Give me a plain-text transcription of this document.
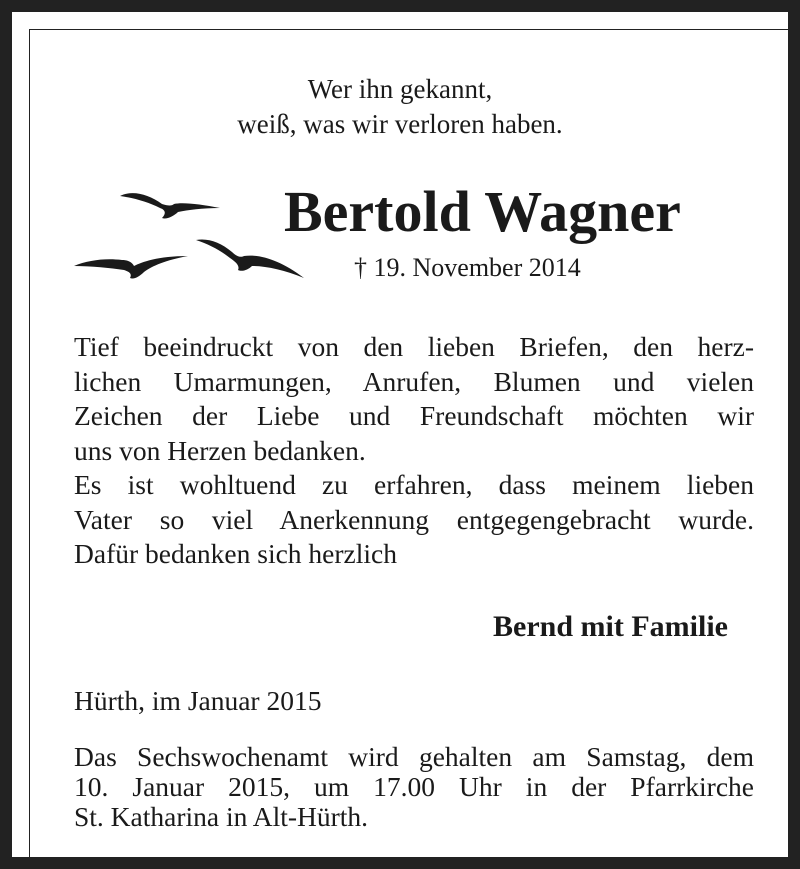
Wer ihn gekannt,
weiß, was wir verloren haben.
Bertold Wagner
† 19. November 2014
Tief beeindruckt von den lieben Briefen, den herz-
lichen Umarmungen, Anrufen, Blumen und vielen
Zeichen der Liebe und Freundschaft möchten wir
uns von Herzen bedanken.
Es ist wohltuend zu erfahren, dass meinem lieben
Vater so viel Anerkennung entgegengebracht wurde.
Dafür bedanken sich herzlich
Bernd mit Familie
Hürth, im Januar 2015
Das Sechswochenamt wird gehalten am Samstag, dem
10. Januar 2015, um 17.00 Uhr in der Pfarrkirche
St. Katharina in Alt-Hürth.
